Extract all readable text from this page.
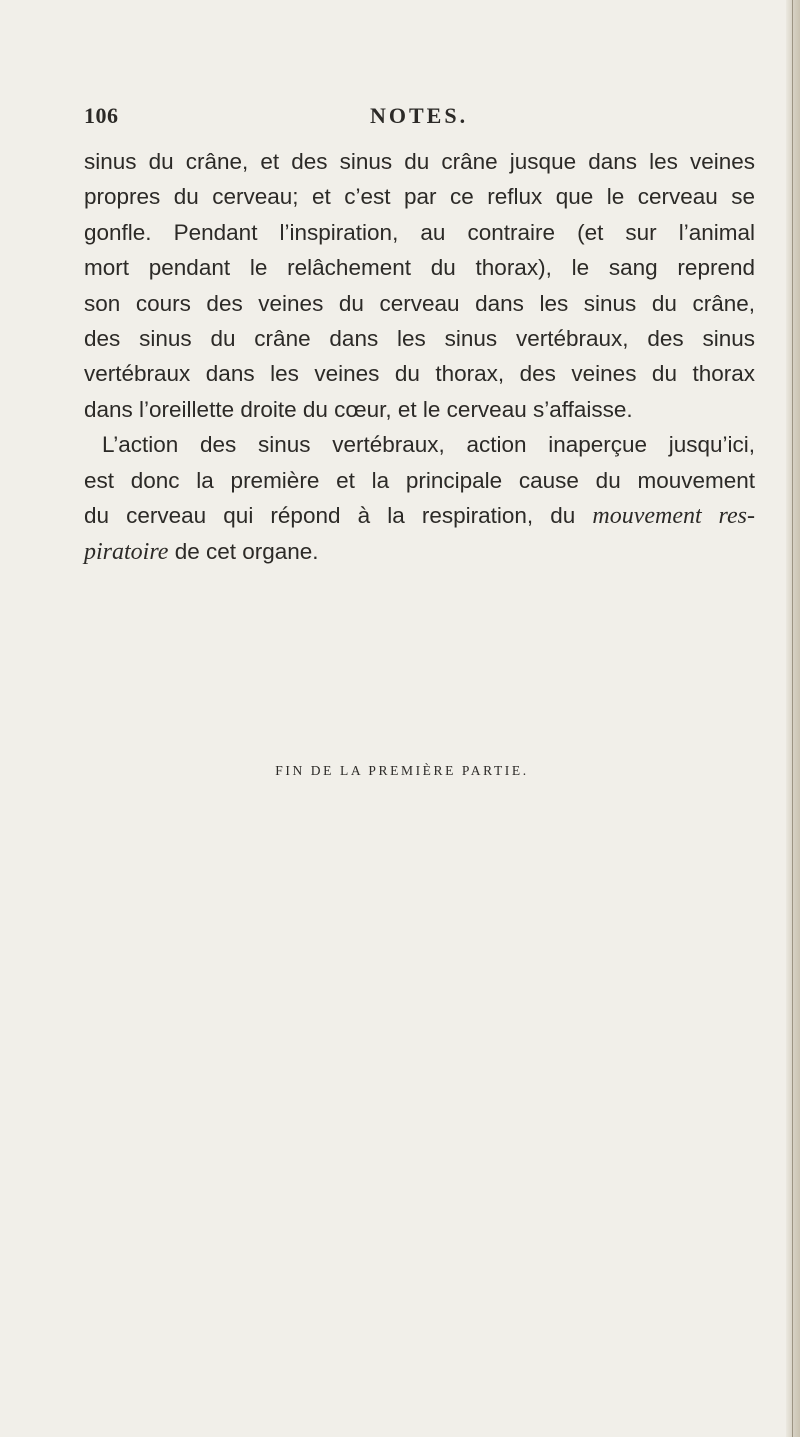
106	NOTES.
sinus du crâne, et des sinus du crâne jusque dans les veines
propres du cerveau; et c’est par ce reflux que le cerveau se
gonfle. Pendant l’inspiration, au contraire (et sur l’animal
mort pendant le relâchement du thorax), le sang reprend
son cours des veines du cerveau dans les sinus du crâne,
des sinus du crâne dans les sinus vertébraux, des sinus
vertébraux dans les veines du thorax, des veines du thorax
dans l’oreillette droite du cœur, et le cerveau s’affaisse.
L’action des sinus vertébraux, action inaperçue jusqu’ici,
est donc la première et la principale cause du mouvement
du cerveau qui répond à la respiration, du mouvement res-
piratoire de cet organe.
FIN DE LA PREMIÈRE PARTIE.
